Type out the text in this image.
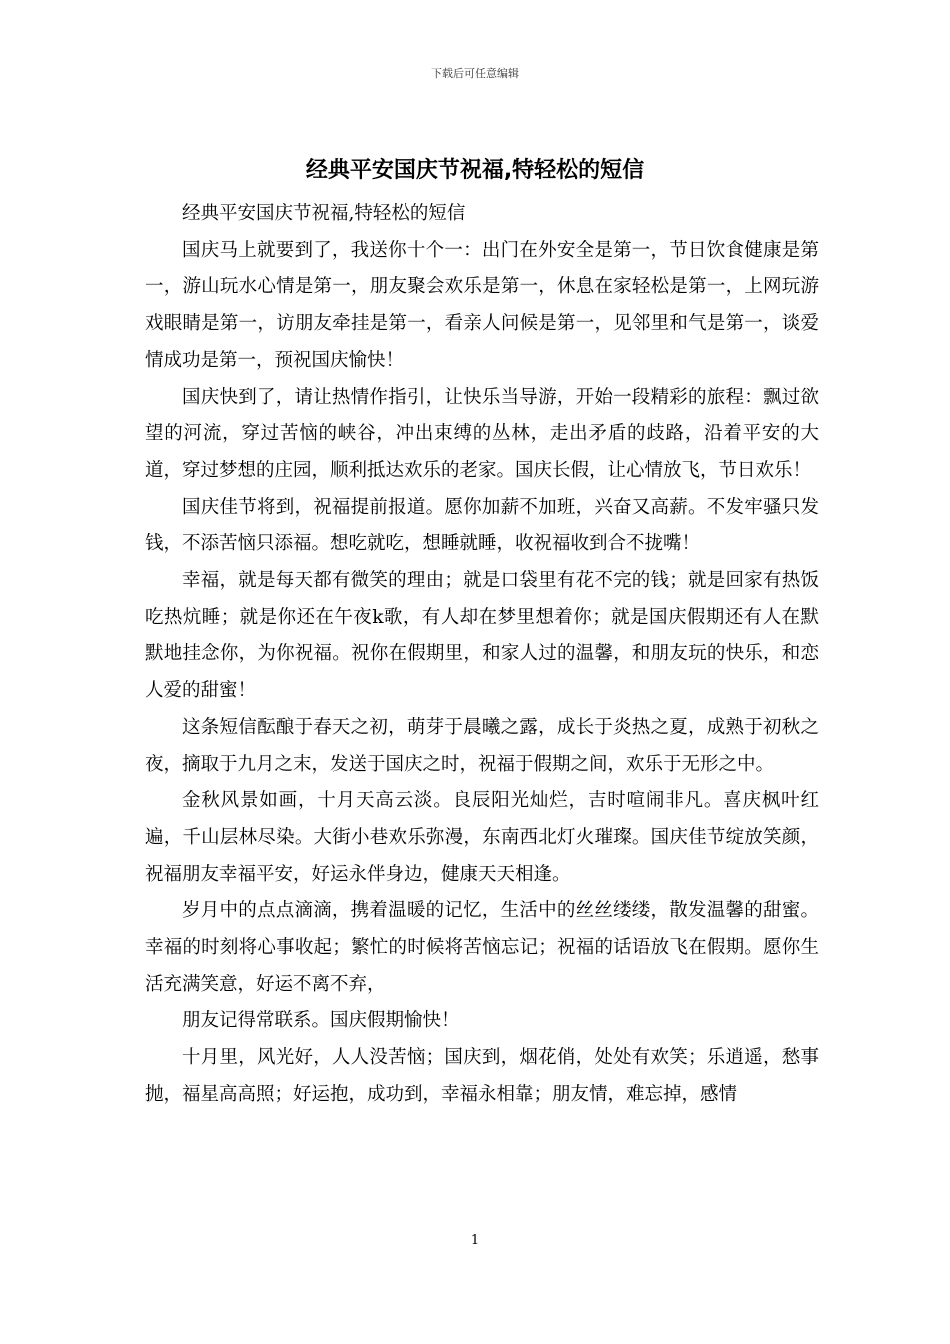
下载后可任意编辑
经典平安国庆节祝福,特轻松的短信

经典平安国庆节祝福,特轻松的短信

国庆马上就要到了，我送你十个一：出门在外安全是第一，节日饮食健康是第一，游山玩水心情是第一，朋友聚会欢乐是第一，休息在家轻松是第一，上网玩游戏眼睛是第一，访朋友牵挂是第一，看亲人问候是第一，见邻里和气是第一，谈爱情成功是第一，预祝国庆愉快！

国庆快到了，请让热情作指引，让快乐当导游，开始一段精彩的旅程：飘过欲望的河流，穿过苦恼的峡谷，冲出束缚的丛林，走出矛盾的歧路，沿着平安的大道，穿过梦想的庄园，顺利抵达欢乐的老家。国庆长假，让心情放飞，节日欢乐！

国庆佳节将到，祝福提前报道。愿你加薪不加班，兴奋又高薪。不发牢骚只发钱，不添苦恼只添福。想吃就吃，想睡就睡，收祝福收到合不拢嘴！

幸福，就是每天都有微笑的理由；就是口袋里有花不完的钱；就是回家有热饭吃热炕睡；就是你还在午夜k歌，有人却在梦里想着你；就是国庆假期还有人在默默地挂念你，为你祝福。祝你在假期里，和家人过的温馨，和朋友玩的快乐，和恋人爱的甜蜜！

这条短信酝酿于春天之初，萌芽于晨曦之露，成长于炎热之夏，成熟于初秋之夜，摘取于九月之末，发送于国庆之时，祝福于假期之间，欢乐于无形之中。

金秋风景如画，十月天高云淡。良辰阳光灿烂，吉时喧闹非凡。喜庆枫叶红遍，千山层林尽染。大街小巷欢乐弥漫，东南西北灯火璀璨。国庆佳节绽放笑颜，祝福朋友幸福平安，好运永伴身边，健康天天相逢。

岁月中的点点滴滴，携着温暖的记忆，生活中的丝丝缕缕，散发温馨的甜蜜。幸福的时刻将心事收起；繁忙的时候将苦恼忘记；祝福的话语放飞在假期。愿你生活充满笑意，好运不离不弃，

朋友记得常联系。国庆假期愉快！

十月里，风光好，人人没苦恼；国庆到，烟花俏，处处有欢笑；乐逍遥，愁事抛，福星高高照；好运抱，成功到，幸福永相靠；朋友情，难忘掉，感情

1
